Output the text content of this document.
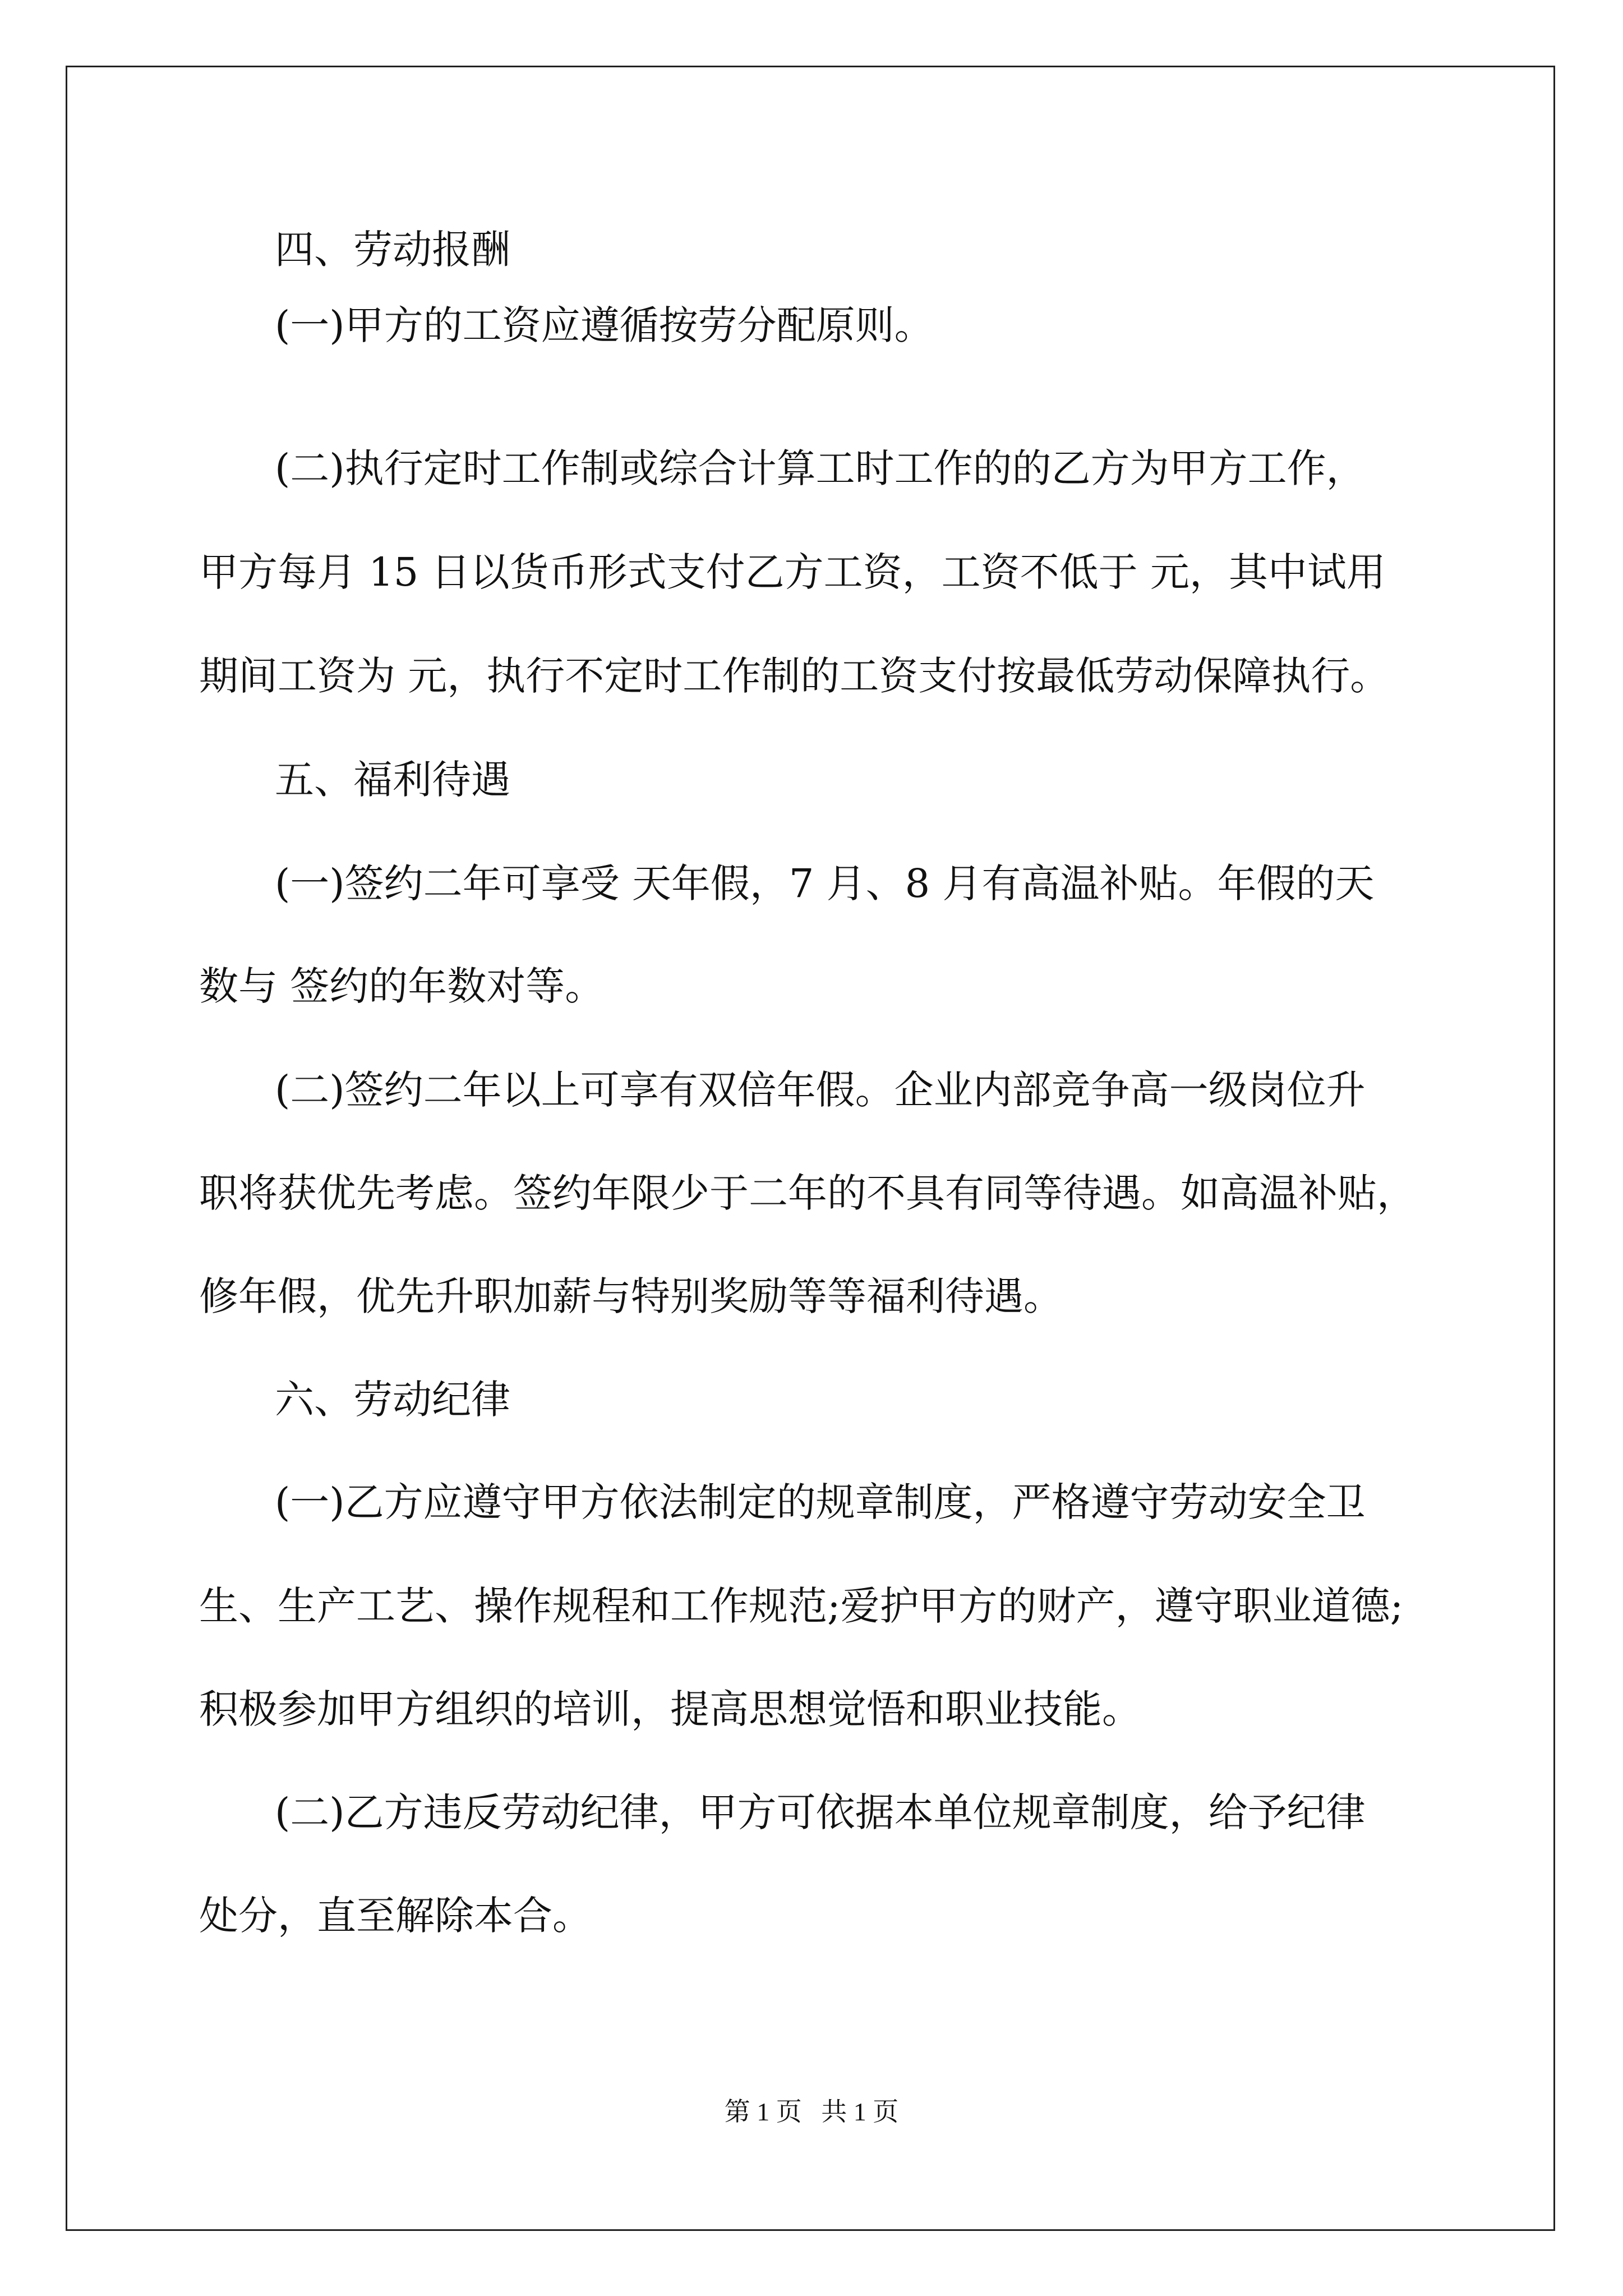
四、劳动报酬
(一)甲方的工资应遵循按劳分配原则。
(二)执行定时工作制或综合计算工时工作的的乙方为甲方工作，
甲方每月 15 日以货币形式支付乙方工资，工资不低于 元，其中试用
期间工资为 元，执行不定时工作制的工资支付按最低劳动保障执行。
五、福利待遇
(一)签约二年可享受 天年假，7 月、8 月有高温补贴。年假的天
数与 签约的年数对等。
(二)签约二年以上可享有双倍年假。企业内部竞争高一级岗位升
职将获优先考虑。签约年限少于二年的不具有同等待遇。如高温补贴，
修年假，优先升职加薪与特别奖励等等福利待遇。
六、劳动纪律
(一)乙方应遵守甲方依法制定的规章制度，严格遵守劳动安全卫
生、生产工艺、操作规程和工作规范;爱护甲方的财产，遵守职业道德;
积极参加甲方组织的培训，提高思想觉悟和职业技能。
(二)乙方违反劳动纪律，甲方可依据本单位规章制度，给予纪律
处分，直至解除本合。
第 1 页   共 1 页
